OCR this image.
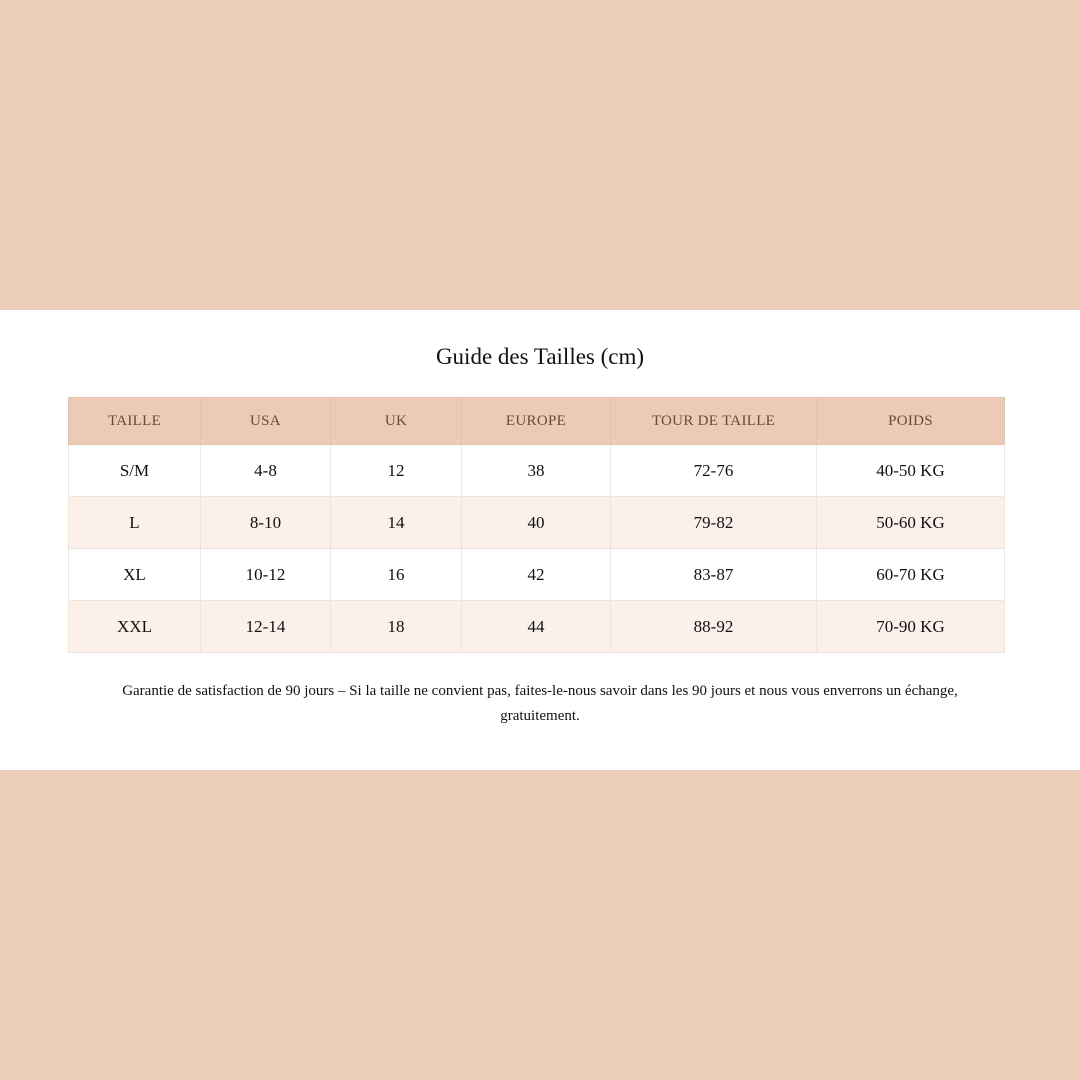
Guide des Tailles (cm)
TAILLE	USA	UK	EUROPE	TOUR DE TAILLE	POIDS
S/M	4-8	12	38	72-76	40-50 KG
L	8-10	14	40	79-82	50-60 KG
XL	10-12	16	42	83-87	60-70 KG
XXL	12-14	18	44	88-92	70-90 KG

Garantie de satisfaction de 90 jours – Si la taille ne convient pas, faites-le-nous savoir dans les 90 jours et nous vous enverrons un échange,
gratuitement.
